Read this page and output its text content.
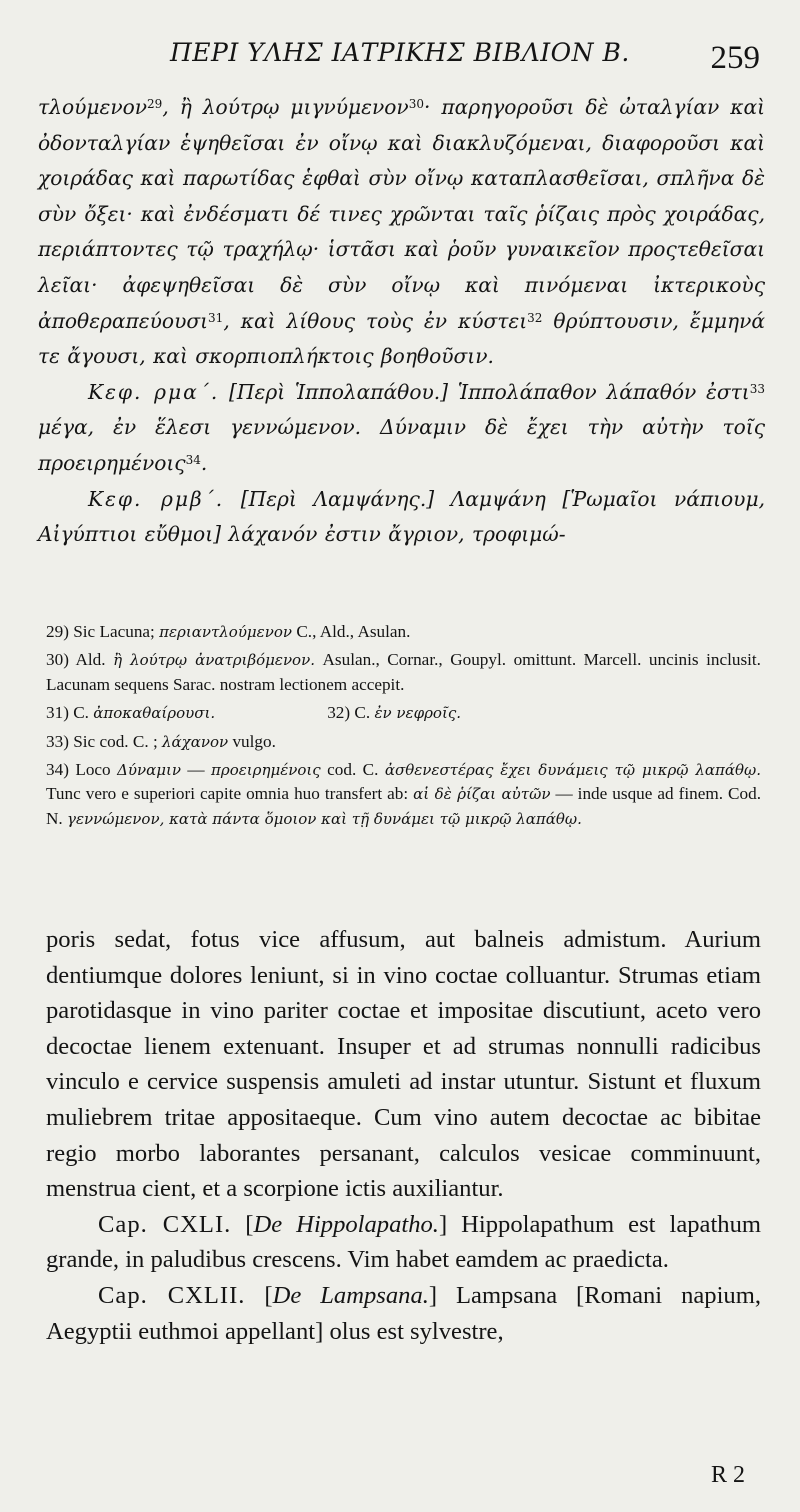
ΠΕΡΙ ΥΛΗΣ ΙΑΤΡΙΚΗΣ ΒΙΒΛΙΟΝ Β. 259

τλούμενον$^{29}$, ἢ λούτρῳ μιγνύμενον$^{30}$· παρηγοροῦσι δὲ ὠταλγίαν καὶ ὀδονταλγίαν ἑψηθεῖσαι ἐν οἴνῳ καὶ διακλυζόμεναι, διαφοροῦσι καὶ χοιράδας καὶ παρωτίδας ἑφθαὶ σὺν οἴνῳ καταπλασθεῖσαι, σπλῆνα δὲ σὺν ὄξει· καὶ ἐνδέσματι δέ τινες χρῶνται ταῖς ῥίζαις πρὸς χοιράδας, περιάπτοντες τῷ τραχήλῳ· ἱστᾶσι καὶ ῥοῦν γυναικεῖον προςτεθεῖσαι λεῖαι· ἀφεψηθεῖσαι δὲ σὺν οἴνῳ καὶ πινόμεναι ἰκτερικοὺς ἀποθεραπεύουσι$^{31}$, καὶ λίθους τοὺς ἐν κύστει$^{32}$ θρύπτουσιν, ἔμμηνά τε ἄγουσι, καὶ σκορπιοπλήκτοις βοηθοῦσιν.

Κεφ. ρμα΄. [Περὶ Ἱππολαπάθου.] Ἱππολάπαθον λάπαθόν ἐστι$^{33}$ μέγα, ἐν ἕλεσι γεννώμενον. Δύναμιν δὲ ἔχει τὴν αὐτὴν τοῖς προειρημένοις$^{34}$.

Κεφ. ρμβ΄. [Περὶ Λαμψάνης.] Λαμψάνη [Ῥωμαῖοι νάπιουμ, Αἰγύπτιοι εὔθμοι] λάχανόν ἐστιν ἄγριον, τροφιμώ-

29) Sic Lacuna; περιαντλούμενον C., Ald., Asulan.

30) Ald. ἢ λούτρῳ ἀνατριβόμενον. Asulan., Cornar., Goupyl. omittunt. Marcell. uncinis inclusit. Lacunam sequens Sarac. nostram lectionem accepit.

31) C. ἀποκαθαίρουσι.	32) C. ἐν νεφροῖς.

33) Sic cod. C. ; λάχανον vulgo.

34) Loco Δύναμιν — προειρημένοις cod. C. ἀσθενεστέρας ἔχει δυνάμεις τῷ μικρῷ λαπάθῳ. Tunc vero e superiori capite omnia huo transfert ab: αἱ δὲ ῥίζαι αὐτῶν — inde usque ad finem. Cod. N. γεννώμενον, κατὰ πάντα ὅμοιον καὶ τῇ δυνάμει τῷ μικρῷ λαπάθῳ.

poris sedat, fotus vice affusum, aut balneis admistum. Aurium dentiumque dolores leniunt, si in vino coctae colluantur. Strumas etiam parotidasque in vino pariter coctae et impositae discutiunt, aceto vero decoctae lienem extenuant. Insuper et ad strumas nonnulli radicibus vinculo e cervice suspensis amuleti ad instar utuntur. Sistunt et fluxum muliebrem tritae appositaeque. Cum vino autem decoctae ac bibitae regio morbo laborantes persanant, calculos vesicae comminuunt, menstrua cient, et a scorpione ictis auxiliantur.

Cap. CXLI. [De Hippolapatho.] Hippolapathum est lapathum grande, in paludibus crescens. Vim habet eamdem ac praedicta.

Cap. CXLII. [De Lampsana.] Lampsana [Romani napium, Aegyptii euthmoi appellant] olus est sylvestre,

R 2
